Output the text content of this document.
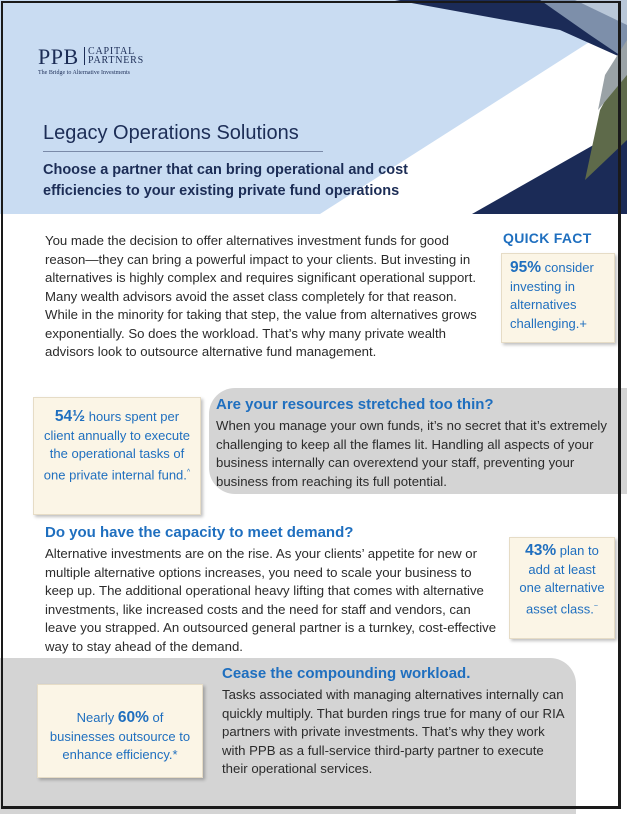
PPB CAPITAL
PARTNERS
The Bridge to Alternative Investments
Legacy Operations Solutions

Choose a partner that can bring operational and cost efficiencies to your existing private fund operations

You made the decision to offer alternatives investment funds for good reason—they can bring a powerful impact to your clients. But investing in alternatives is highly complex and requires significant operational support. Many wealth advisors avoid the asset class completely for that reason. While in the minority for taking that step, the value from alternatives grows exponentially. So does the workload. That’s why many private wealth advisors look to outsource alternative fund management.

QUICK FACT
95% consider investing in alternatives challenging.+
54½ hours spent per client annually to execute the operational tasks of one private internal fund.^
Are your resources stretched too thin?

When you manage your own funds, it’s no secret that it’s extremely challenging to keep all the flames lit. Handling all aspects of your business internally can overextend your staff, preventing your business from reaching its full potential.

Do you have the capacity to meet demand?

Alternative investments are on the rise. As your clients’ appetite for new or multiple alternative options increases, you need to scale your business to keep up. The additional operational heavy lifting that comes with alternative investments, like increased costs and the need for staff and vendors, can leave you strapped. An outsourced general partner is a turnkey, cost-effective way to stay ahead of the demand.

43% plan to add at least one alternative asset class.~
Nearly 60% of businesses outsource to enhance efficiency.*
Cease the compounding workload.

Tasks associated with managing alternatives internally can quickly multiply. That burden rings true for many of our RIA partners with private investments. That’s why they work with PPB as a full-service third-party partner to execute their operational services.
